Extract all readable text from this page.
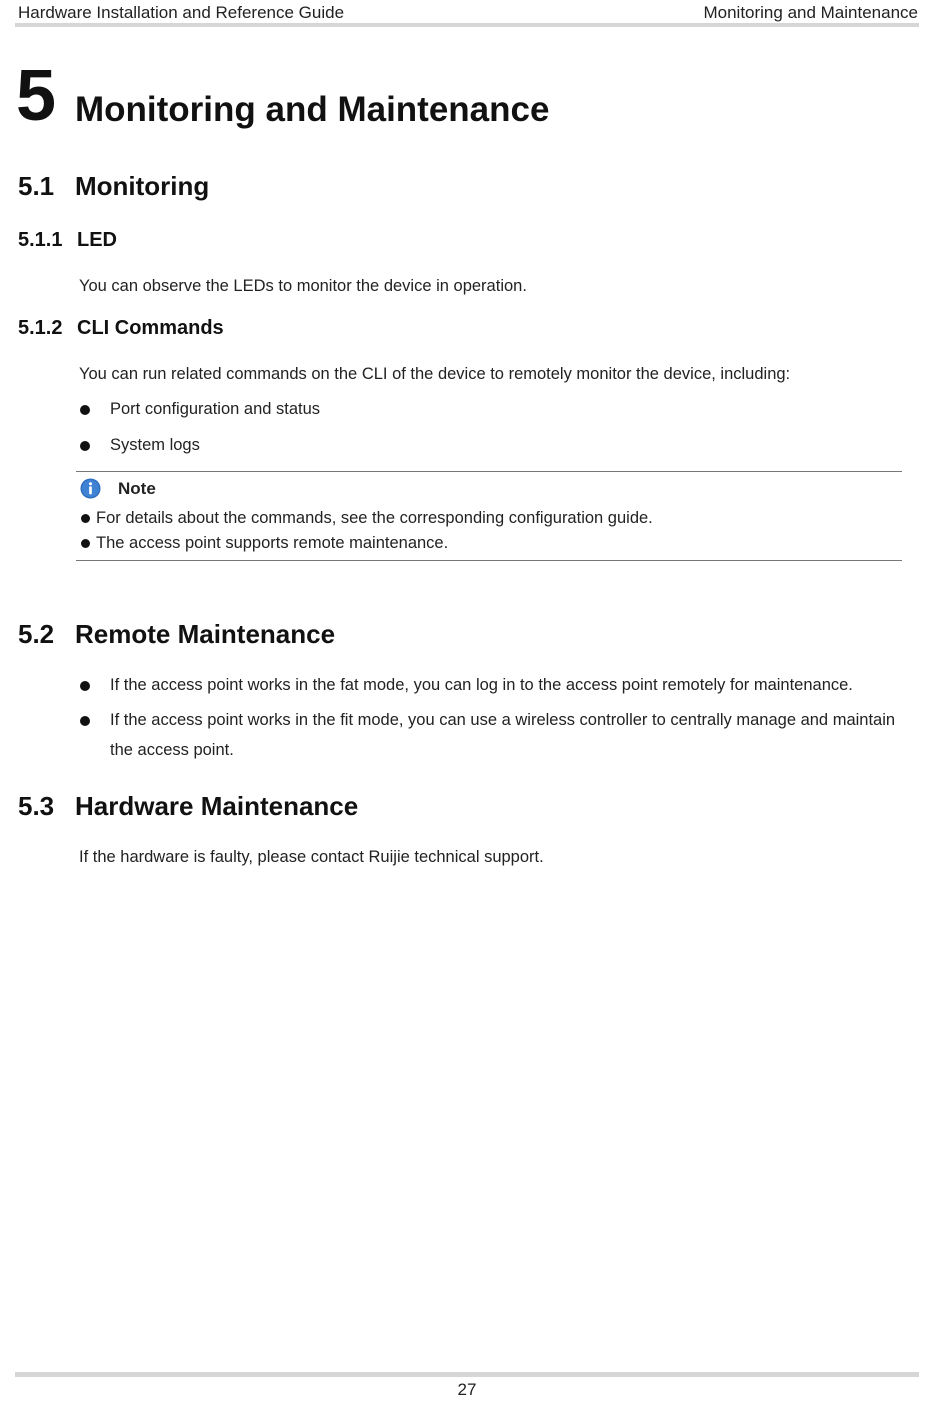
Hardware Installation and Reference Guide	Monitoring and Maintenance
5 Monitoring and Maintenance
5.1 Monitoring
5.1.1 LED
You can observe the LEDs to monitor the device in operation.
5.1.2 CLI Commands
You can run related commands on the CLI of the device to remotely monitor the device, including:
Port configuration and status
System logs
Note
For details about the commands, see the corresponding configuration guide.
The access point supports remote maintenance.
5.2 Remote Maintenance
If the access point works in the fat mode, you can log in to the access point remotely for maintenance.
If the access point works in the fit mode, you can use a wireless controller to centrally manage and maintain
the access point.
5.3 Hardware Maintenance
If the hardware is faulty, please contact Ruijie technical support.
27
